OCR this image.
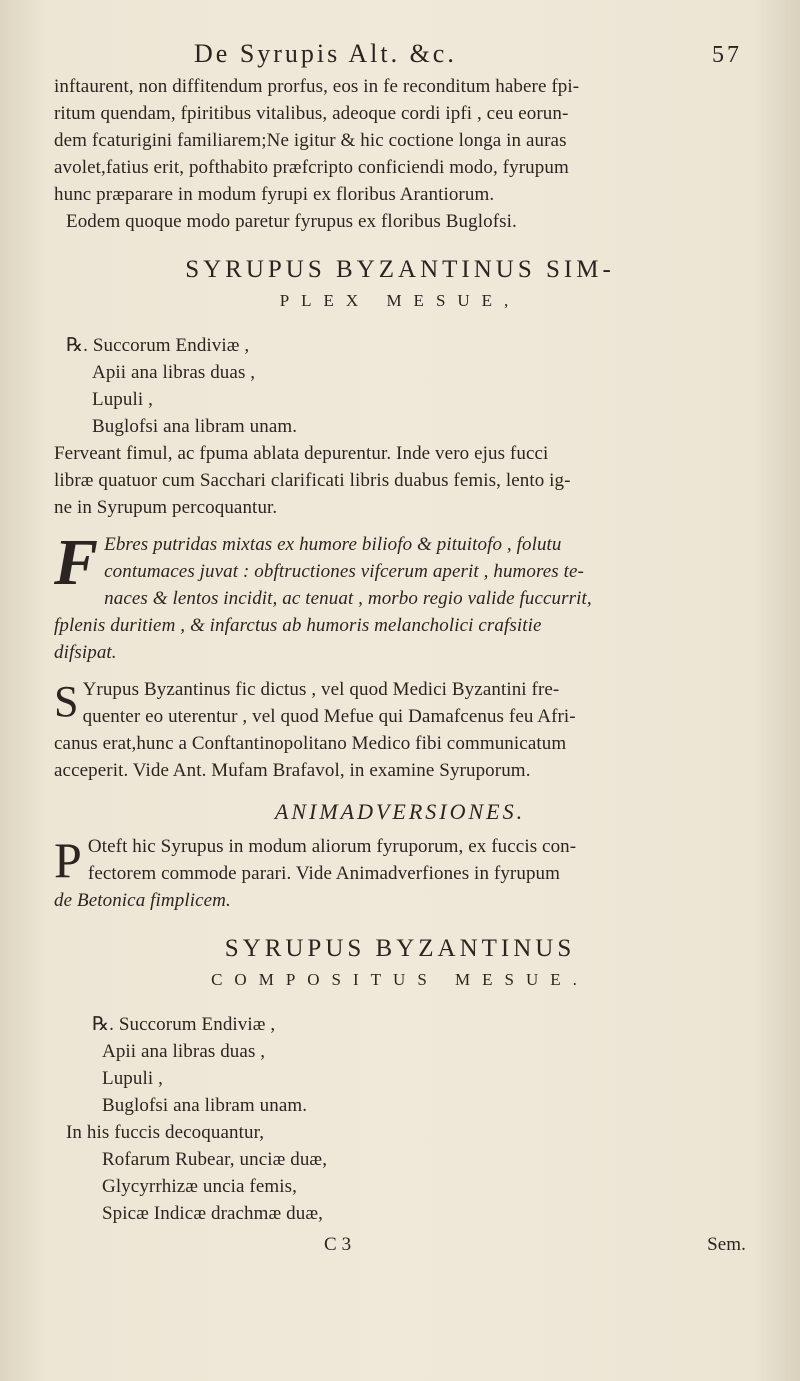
De Syrupis Alt. &c.	57

inftaurent, non diffitendum prorfus, eos in fe reconditum habere fpi-

ritum quendam, fpiritibus vitalibus, adeoque cordi ipfi , ceu eorun-

dem fcaturigini familiarem;Ne igitur & hic coctione longa in auras

avolet,fatius erit, pofthabito præfcripto conficiendi modo, fyrupum

hunc præparare in modum fyrupi ex floribus Arantiorum.

Eodem quoque modo paretur fyrupus ex floribus Buglofsi.

SYRUPUS BYZANTINUS SIM-
PLEX MESUE,

℞. Succorum Endiviæ ,

Apii ana libras duas ,

Lupuli ,

Buglofsi ana libram unam.

Ferveant fimul, ac fpuma ablata depurentur. Inde vero ejus fucci

libræ quatuor cum Sacchari clarificati libris duabus femis, lento ig-

ne in Syrupum percoquantur.

F Ebres putridas mixtas ex humore biliofo & pituitofo , folutu

contumaces juvat : obftructiones vifcerum aperit , humores te-

naces & lentos incidit, ac tenuat , morbo regio valide fuccurrit,

fplenis duritiem , & infarctus ab humoris melancholici crafsitie

difsipat.

S Yrupus Byzantinus fic dictus , vel quod Medici Byzantini fre-

quenter eo uterentur , vel quod Mefue qui Damafcenus feu Afri-

canus erat,hunc a Conftantinopolitano Medico fibi communicatum

acceperit. Vide Ant. Mufam Brafavol, in examine Syruporum.

ANIMADVERSIONES.
P Oteft hic Syrupus in modum aliorum fyruporum, ex fuccis con-

fectorem commode parari. Vide Animadverfiones in fyrupum

de Betonica fimplicem.

SYRUPUS BYZANTINUS
COMPOSITUS MESUE.

℞. Succorum Endiviæ ,

Apii ana libras duas ,

Lupuli ,

Buglofsi ana libram unam.

In his fuccis decoquantur,

Rofarum Rubear, unciæ duæ,

Glycyrrhizæ uncia femis,

Spicæ Indicæ drachmæ duæ,

C 3	Sem.
